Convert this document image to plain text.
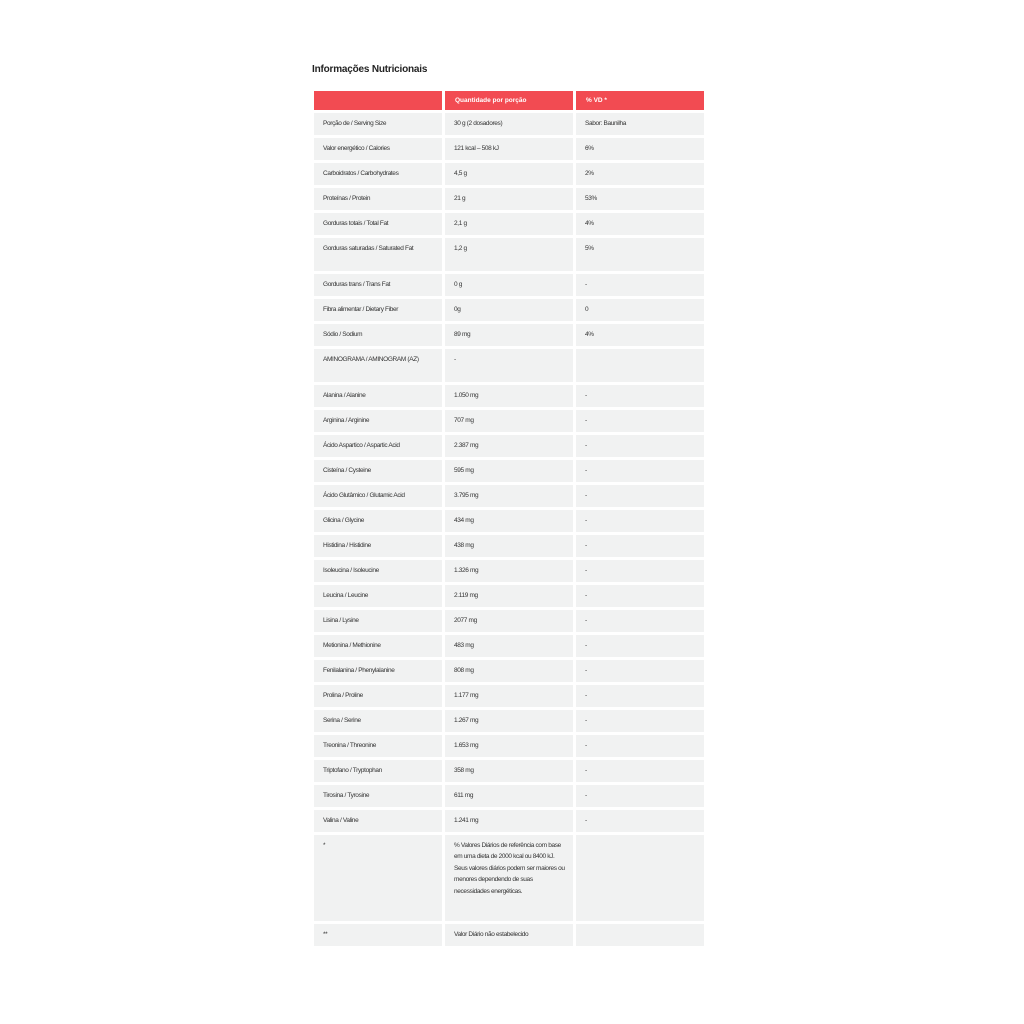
Informações Nutricionais
	Quantidade por porção	% VD *
Porção de / Serving Size	30 g (2 dosadores)	Sabor: Baunilha
Valor energético / Calories	121 kcal – 508 kJ	6%
Carboidratos / Carbohydrates	4,5 g	2%
Proteínas / Protein	21 g	53%
Gorduras totais / Total Fat	2,1 g	4%
Gorduras saturadas / Saturated Fat	1,2 g	5%
Gorduras trans / Trans Fat	0 g	-
Fibra alimentar / Dietary Fiber	0g	0
Sódio / Sodium	89 mg	4%
AMINOGRAMA / AMINOGRAM (AZ)	-	
Alanina / Alanine	1.050 mg	-
Arginina / Arginine	707 mg	-
Ácido Aspartico / Aspartic Acid	2.387 mg	-
Cisteína / Cysteine	595 mg	-
Ácido Glutâmico / Glutamic Acid	3.795 mg	-
Glicina / Glycine	434 mg	-
Histidina / Histidine	438 mg	-
Isoleucina / Isoleucine	1.326 mg	-
Leucina / Leucine	2.119 mg	-
Lisina / Lysine	2077 mg	-
Metionina / Methionine	483 mg	-
Fenilalanina / Phenylalanine	808 mg	-
Prolina / Proline	1.177 mg	-
Serina / Serine	1.267 mg	-
Treonina / Threonine	1.653 mg	-
Triptofano / Tryptophan	358 mg	-
Tirosina / Tyrosine	611 mg	-
Valina / Valine	1.241 mg	-
*	% Valores Diários de referência com base em uma dieta de 2000 kcal ou 8400 kJ. Seus valores diários podem ser maiores ou menores dependendo de suas necessidades energéticas.	
**	Valor Diário não estabelecido	
